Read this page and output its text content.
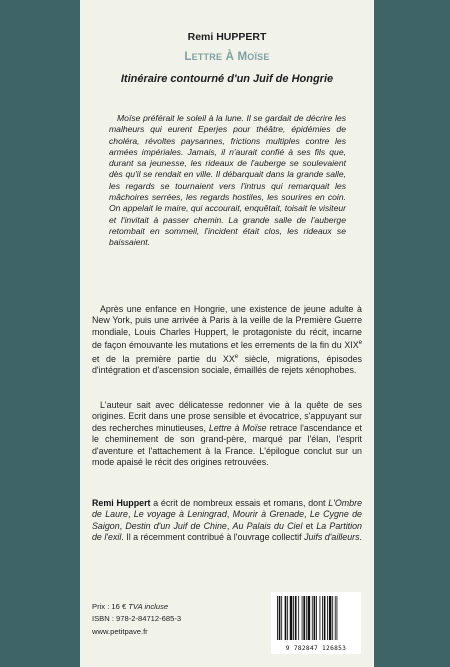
Remi HUPPERT
LETTRE À MOÏSE
Itinéraire contourné d'un Juif de Hongrie
Moïse préférait le soleil à la lune. Il se gardait de décrire les malheurs qui eurent Eperjes pour théâtre, épidémies de choléra, révoltes paysannes, frictions multiples contre les armées impériales. Jamais, il n'aurait confié à ses fils que, durant sa jeunesse, les rideaux de l'auberge se soulevaient dès qu'il se rendait en ville. Il débarquait dans la grande salle, les regards se tournaient vers l'intrus qui remarquait les mâchoires serrées, les regards hostiles, les sourires en coin. On appelait le maire, qui accourait, enquêtait, toisait le visiteur et l'invitait à passer chemin. La grande salle de l'auberge retombait en sommeil, l'incident était clos, les rideaux se baissaient.

Après une enfance en Hongrie, une existence de jeune adulte à New York, puis une arrivée à Paris à la veille de la Première Guerre mondiale, Louis Charles Huppert, le protagoniste du récit, incarne de façon émouvante les mutations et les errements de la fin du XIXe et de la première partie du XXe siècle, migrations, épisodes d'intégration et d'ascension sociale, émaillés de rejets xénophobes.

L'auteur sait avec délicatesse redonner vie à la quête de ses origines. Ecrit dans une prose sensible et évocatrice, s'appuyant sur des recherches minutieuses, Lettre à Moïse retrace l'ascendance et le cheminement de son grand-père, marqué par l'élan, l'esprit d'aventure et l'attachement à la France. L'épilogue conclut sur un mode apaisé le récit des origines retrouvées.

Remi Huppert a écrit de nombreux essais et romans, dont L'Ombre de Laure, Le voyage à Leningrad, Mourir à Grenade, Le Cygne de Saigon, Destin d'un Juif de Chine, Au Palais du Ciel et La Partition de l'exil. Il a récemment contribué à l'ouvrage collectif Juifs d'ailleurs.

Prix : 16 € TVA incluse
ISBN : 978-2-84712-685-3
www.petitpave.fr
9 782847 126853
